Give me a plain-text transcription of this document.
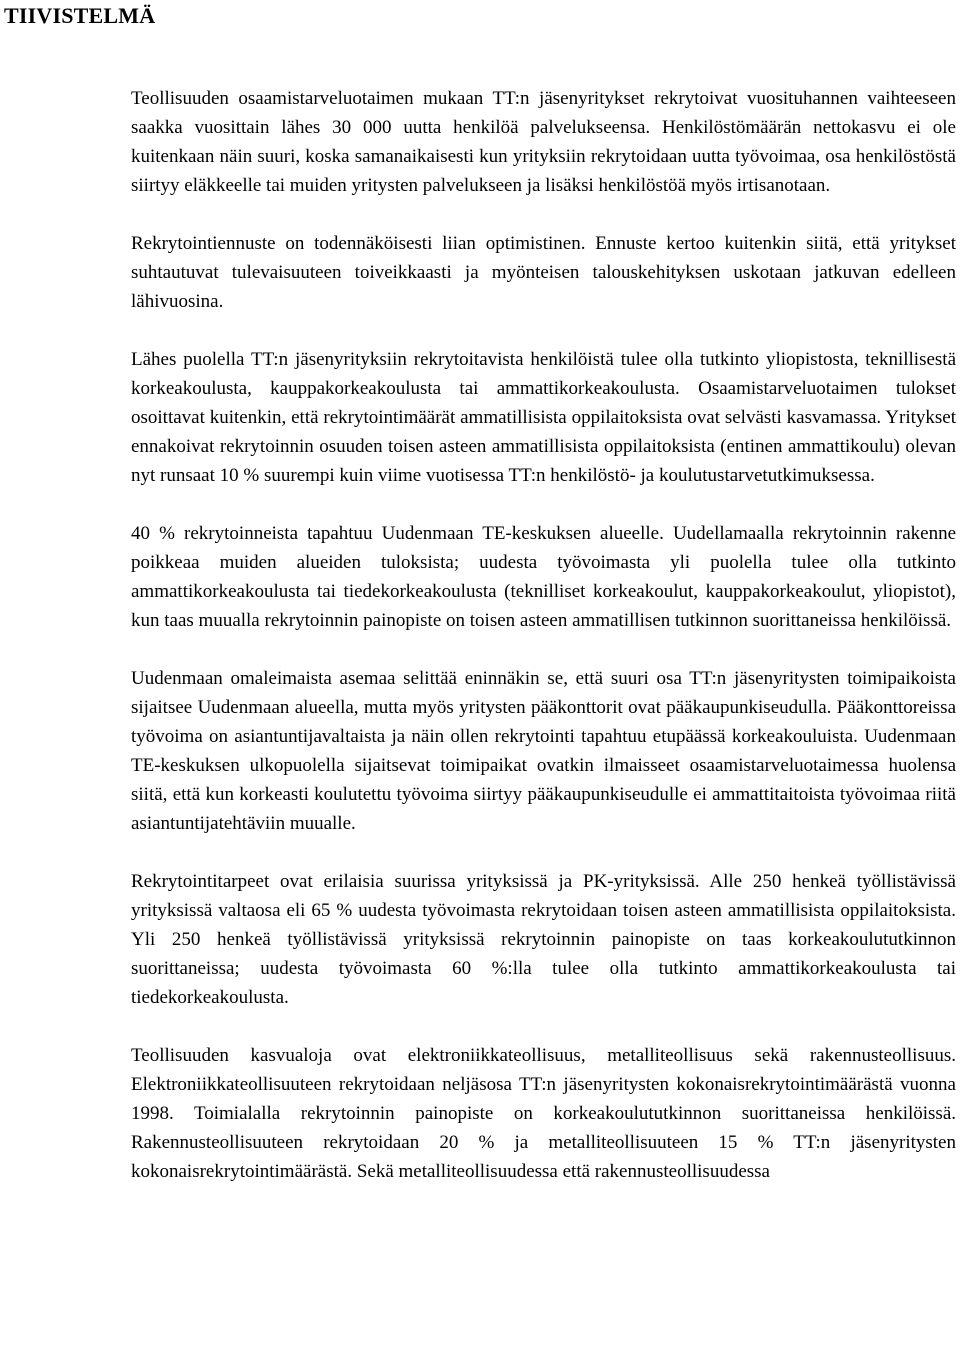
TIIVISTELMÄ

Teollisuuden osaamistarveluotaimen mukaan TT:n jäsenyritykset rekrytoivat vuosituhannen vaihteeseen saakka vuosittain lähes 30 000 uutta henkilöä palvelukseensa. Henkilöstömäärän nettokasvu ei ole kuitenkaan näin suuri, koska samanaikaisesti kun yrityksiin rekrytoidaan uutta työvoimaa, osa henkilöstöstä siirtyy eläkkeelle tai muiden yritysten palvelukseen ja lisäksi henkilöstöä myös irtisanotaan.

Rekrytointiennuste on todennäköisesti liian optimistinen. Ennuste kertoo kuitenkin siitä, että yritykset suhtautuvat tulevaisuuteen toiveikkaasti ja myönteisen talouskehityksen uskotaan jatkuvan edelleen lähivuosina.

Lähes puolella TT:n jäsenyrityksiin rekrytoitavista henkilöistä tulee olla tutkinto yliopistosta, teknillisestä korkeakoulusta, kauppakorkeakoulusta tai ammattikorkeakoulusta. Osaamistarveluotaimen tulokset osoittavat kuitenkin, että rekrytointimäärät ammatillisista oppilaitoksista ovat selvästi kasvamassa. Yritykset ennakoivat rekrytoinnin osuuden toisen asteen ammatillisista oppilaitoksista (entinen ammattikoulu) olevan nyt runsaat 10 % suurempi kuin viime vuotisessa TT:n henkilöstö- ja koulutustarvetutkimuksessa.

40 % rekrytoinneista tapahtuu Uudenmaan TE-keskuksen alueelle. Uudellamaalla rekrytoinnin rakenne poikkeaa muiden alueiden tuloksista; uudesta työvoimasta yli puolella tulee olla tutkinto ammattikorkeakoulusta tai tiedekorkeakoulusta (teknilliset korkeakoulut, kauppakorkeakoulut, yliopistot), kun taas muualla rekrytoinnin painopiste on toisen asteen ammatillisen tutkinnon suorittaneissa henkilöissä.

Uudenmaan omaleimaista asemaa selittää eninnäkin se, että suuri osa TT:n jäsenyritysten toimipaikoista sijaitsee Uudenmaan alueella, mutta myös yritysten pääkonttorit ovat pääkaupunkiseudulla. Pääkonttoreissa työvoima on asiantuntijavaltaista ja näin ollen rekrytointi tapahtuu etupäässä korkeakouluista. Uudenmaan TE-keskuksen ulkopuolella sijaitsevat toimipaikat ovatkin ilmaisseet osaamistarveluotaimessa huolensa siitä, että kun korkeasti koulutettu työvoima siirtyy pääkaupunkiseudulle ei ammattitaitoista työvoimaa riitä asiantuntijatehtäviin muualle.

Rekrytointitarpeet ovat erilaisia suurissa yrityksissä ja PK-yrityksissä. Alle 250 henkeä työllistävissä yrityksissä valtaosa eli 65 % uudesta työvoimasta rekrytoidaan toisen asteen ammatillisista oppilaitoksista. Yli 250 henkeä työllistävissä yrityksissä rekrytoinnin painopiste on taas korkeakoulututkinnon suorittaneissa; uudesta työvoimasta 60 %:lla tulee olla tutkinto ammattikorkeakoulusta tai tiedekorkeakoulusta.

Teollisuuden kasvualoja ovat elektroniikkateollisuus, metalliteollisuus sekä rakennusteollisuus. Elektroniikkateollisuuteen rekrytoidaan neljäsosa TT:n jäsenyritysten kokonaisrekrytointimäärästä vuonna 1998. Toimialalla rekrytoinnin painopiste on korkeakoulututkinnon suorittaneissa henkilöissä. Rakennusteollisuuteen rekrytoidaan 20 % ja metalliteollisuuteen 15 % TT:n jäsenyritysten kokonaisrekrytointimäärästä. Sekä metalliteollisuudessa että rakennusteollisuudessa
